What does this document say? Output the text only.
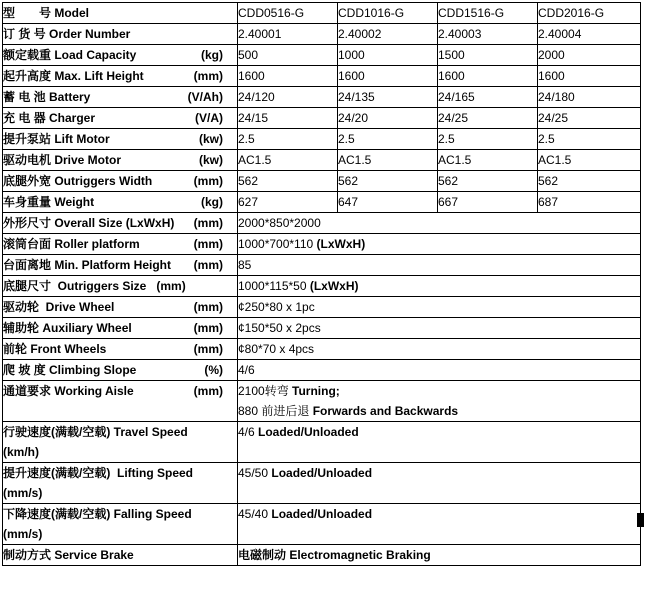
型　　号 Model	CDD0516-G	CDD1016-G	CDD1516-G	CDD2016-G

订 货 号 Order Number	2.40001	2.40002	2.40003	2.40004

额定载重 Load Capacity (kg)	500	1000	1500	2000

起升高度 Max. Lift Height (mm)	1600	1600	1600	1600

蓄 电 池 Battery (V/Ah)	24/120	24/135	24/165	24/180

充 电 器 Charger (V/A)	24/15	24/20	24/25	24/25

提升泵站 Lift Motor (kw)	2.5	2.5	2.5	2.5

驱动电机 Drive Motor (kw)	AC1.5	AC1.5	AC1.5	AC1.5

底腿外宽 Outriggers Width (mm)	562	562	562	562

车身重量 Weight (kg)	627	647	667	687

外形尺寸 Overall Size (LxWxH) (mm)	2000*850*2000			

滚筒台面 Roller platform (mm)	1000*700*110 (LxWxH)			

台面离地 Min. Platform Height (mm)	85			

底腿尺寸  Outriggers Size   (mm)	1000*115*50 (LxWxH)			

驱动轮  Drive Wheel (mm)	¢250*80 x 1pc			

辅助轮 Auxiliary Wheel (mm)	¢150*50 x 2pcs			

前轮 Front Wheels (mm)	¢80*70 x 4pcs			

爬 坡 度 Climbing Slope (%)	4/6			

通道要求 Working Aisle	(mm)	2100转弯 Turning;
880 前进后退 Forwards and Backwards

行驶速度(满载/空载) Travel Speed
(km/h)	4/6 Loaded/Unloaded			

提升速度(满载/空载)  Lifting Speed
(mm/s)	45/50 Loaded/Unloaded			

下降速度(满载/空载) Falling Speed
(mm/s)	45/40 Loaded/Unloaded			

制动方式 Service Brake	电磁制动 Electromagnetic Braking			
